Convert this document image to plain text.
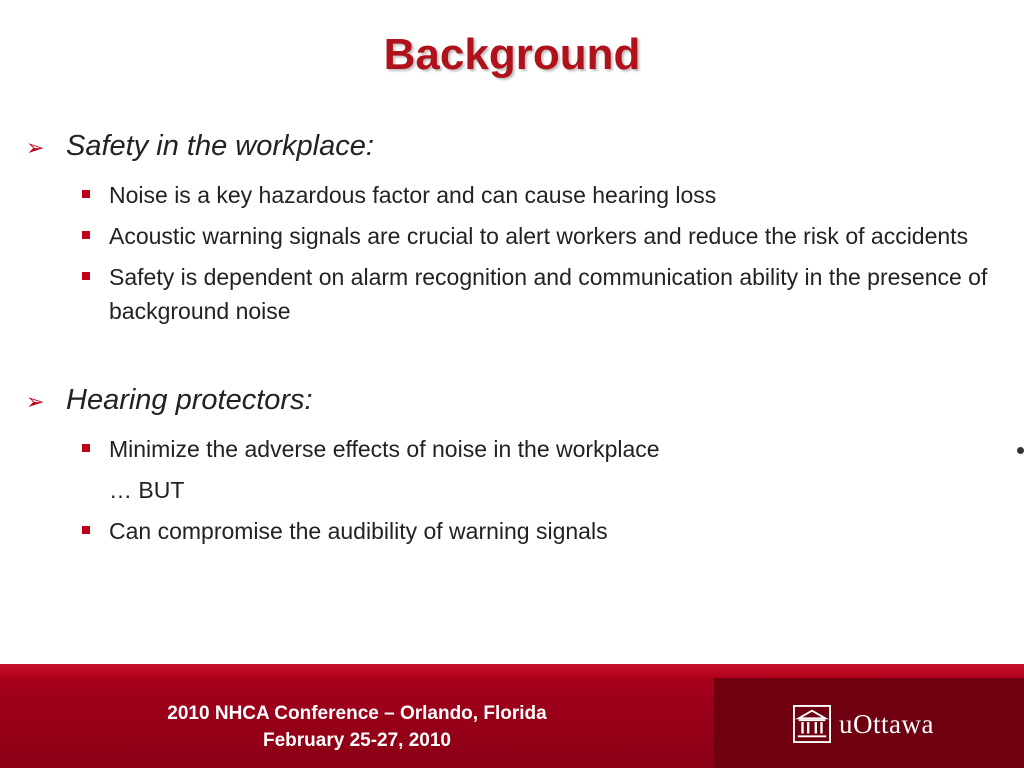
Background
➢ Safety in the workplace:
Noise is a key hazardous factor and can cause hearing loss
Acoustic warning signals are crucial to alert workers and reduce the risk of accidents
Safety is dependent on alarm recognition and communication ability in the presence of background noise
➢ Hearing protectors:
Minimize the adverse effects of noise in the workplace
… BUT
Can compromise the audibility of warning signals
2010 NHCA Conference – Orlando, Florida
February 25-27, 2010
uOttawa
